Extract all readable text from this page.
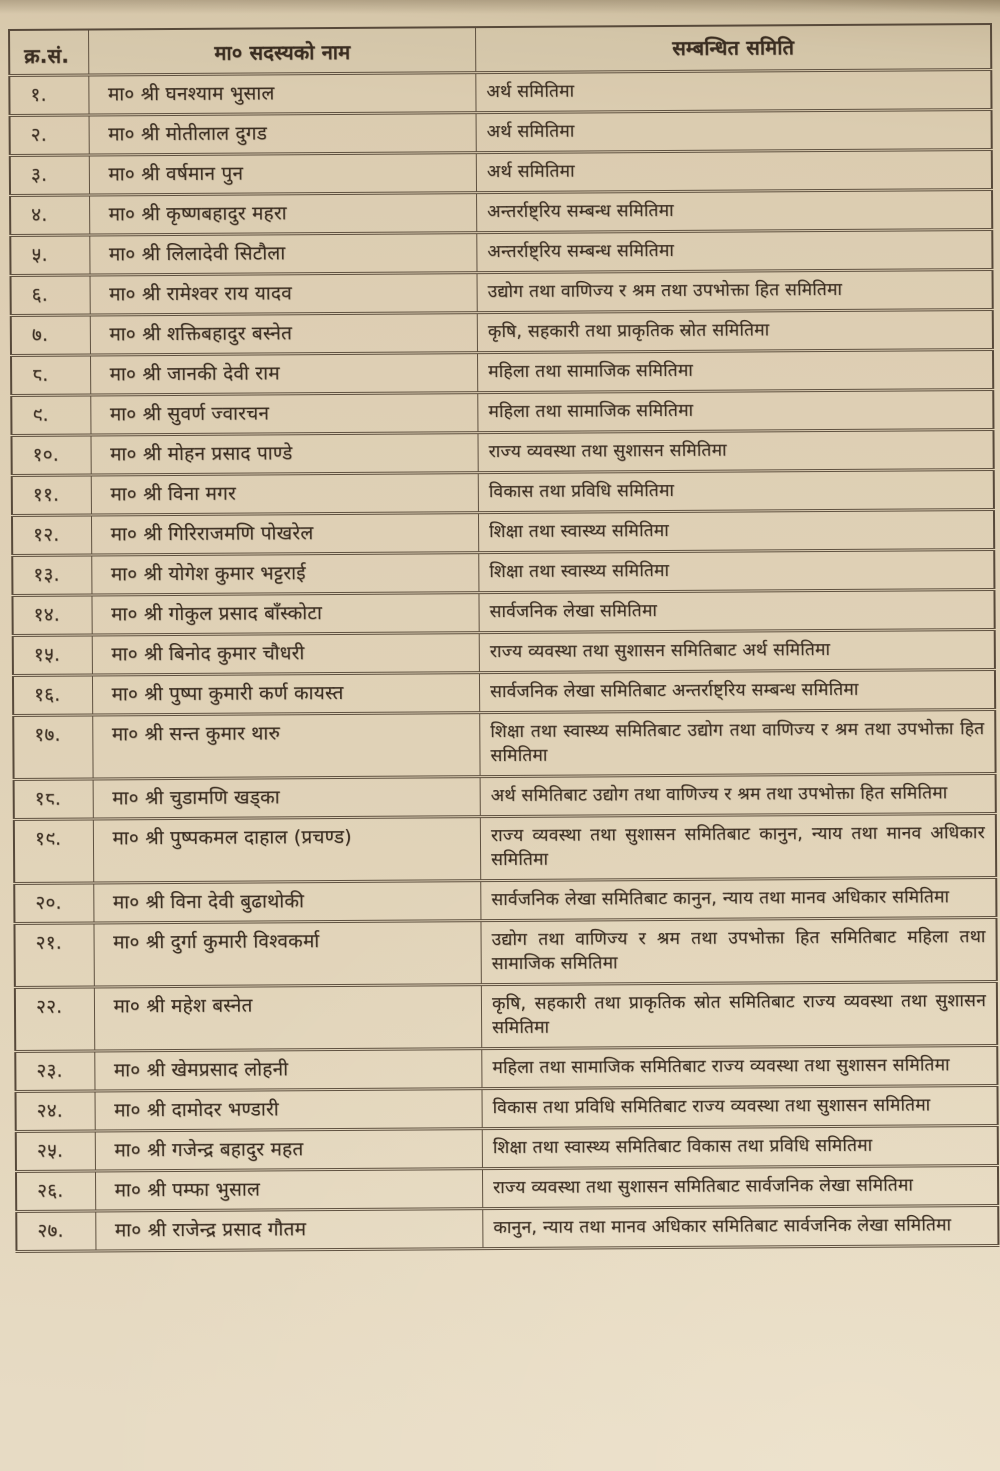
क्र.सं.	मा० सदस्यको नाम	सम्बन्धित समिति
१.	मा० श्री घनश्याम भुसाल	अर्थ समितिमा
२.	मा० श्री मोतीलाल दुगड	अर्थ समितिमा
३.	मा० श्री वर्षमान पुन	अर्थ समितिमा
४.	मा० श्री कृष्णबहादुर महरा	अन्तर्राष्ट्रिय सम्बन्ध समितिमा
५.	मा० श्री लिलादेवी सिटौला	अन्तर्राष्ट्रिय सम्बन्ध समितिमा
६.	मा० श्री रामेश्वर राय यादव	उद्योग तथा वाणिज्य र श्रम तथा उपभोक्ता हित समितिमा
७.	मा० श्री शक्तिबहादुर बस्नेत	कृषि, सहकारी तथा प्राकृतिक स्रोत समितिमा
८.	मा० श्री जानकी देवी राम	महिला तथा सामाजिक समितिमा
९.	मा० श्री सुवर्ण ज्वारचन	महिला तथा सामाजिक समितिमा
१०.	मा० श्री मोहन प्रसाद पाण्डे	राज्य व्यवस्था तथा सुशासन समितिमा
११.	मा० श्री विना मगर	विकास तथा प्रविधि समितिमा
१२.	मा० श्री गिरिराजमणि पोखरेल	शिक्षा तथा स्वास्थ्य समितिमा
१३.	मा० श्री योगेश कुमार भट्टराई	शिक्षा तथा स्वास्थ्य समितिमा
१४.	मा० श्री गोकुल प्रसाद बाँस्कोटा	सार्वजनिक लेखा समितिमा
१५.	मा० श्री बिनोद कुमार चौधरी	राज्य व्यवस्था तथा सुशासन समितिबाट अर्थ समितिमा
१६.	मा० श्री पुष्पा कुमारी कर्ण कायस्त	सार्वजनिक लेखा समितिबाट अन्तर्राष्ट्रिय सम्बन्ध समितिमा
१७.	मा० श्री सन्त कुमार थारु	शिक्षा तथा स्वास्थ्य समितिबाट उद्योग तथा वाणिज्य र श्रम तथा उपभोक्ता हित समितिमा
१८.	मा० श्री चुडामणि खड्का	अर्थ समितिबाट उद्योग तथा वाणिज्य र श्रम तथा उपभोक्ता हित समितिमा
१९.	मा० श्री पुष्पकमल दाहाल (प्रचण्ड)	राज्य व्यवस्था तथा सुशासन समितिबाट कानुन, न्याय तथा मानव अधिकार समितिमा
२०.	मा० श्री विना देवी बुढाथोकी	सार्वजनिक लेखा समितिबाट कानुन, न्याय तथा मानव अधिकार समितिमा
२१.	मा० श्री दुर्गा कुमारी विश्वकर्मा	उद्योग तथा वाणिज्य र श्रम तथा उपभोक्ता हित समितिबाट महिला तथा सामाजिक समितिमा
२२.	मा० श्री महेश बस्नेत	कृषि, सहकारी तथा प्राकृतिक स्रोत समितिबाट राज्य व्यवस्था तथा सुशासन समितिमा
२३.	मा० श्री खेमप्रसाद लोहनी	महिला तथा सामाजिक समितिबाट राज्य व्यवस्था तथा सुशासन समितिमा
२४.	मा० श्री दामोदर भण्डारी	विकास तथा प्रविधि समितिबाट राज्य व्यवस्था तथा सुशासन समितिमा
२५.	मा० श्री गजेन्द्र बहादुर महत	शिक्षा तथा स्वास्थ्य समितिबाट विकास तथा प्रविधि समितिमा
२६.	मा० श्री पम्फा भुसाल	राज्य व्यवस्था तथा सुशासन समितिबाट सार्वजनिक लेखा समितिमा
२७.	मा० श्री राजेन्द्र प्रसाद गौतम	कानुन, न्याय तथा मानव अधिकार समितिबाट सार्वजनिक लेखा समितिमा
